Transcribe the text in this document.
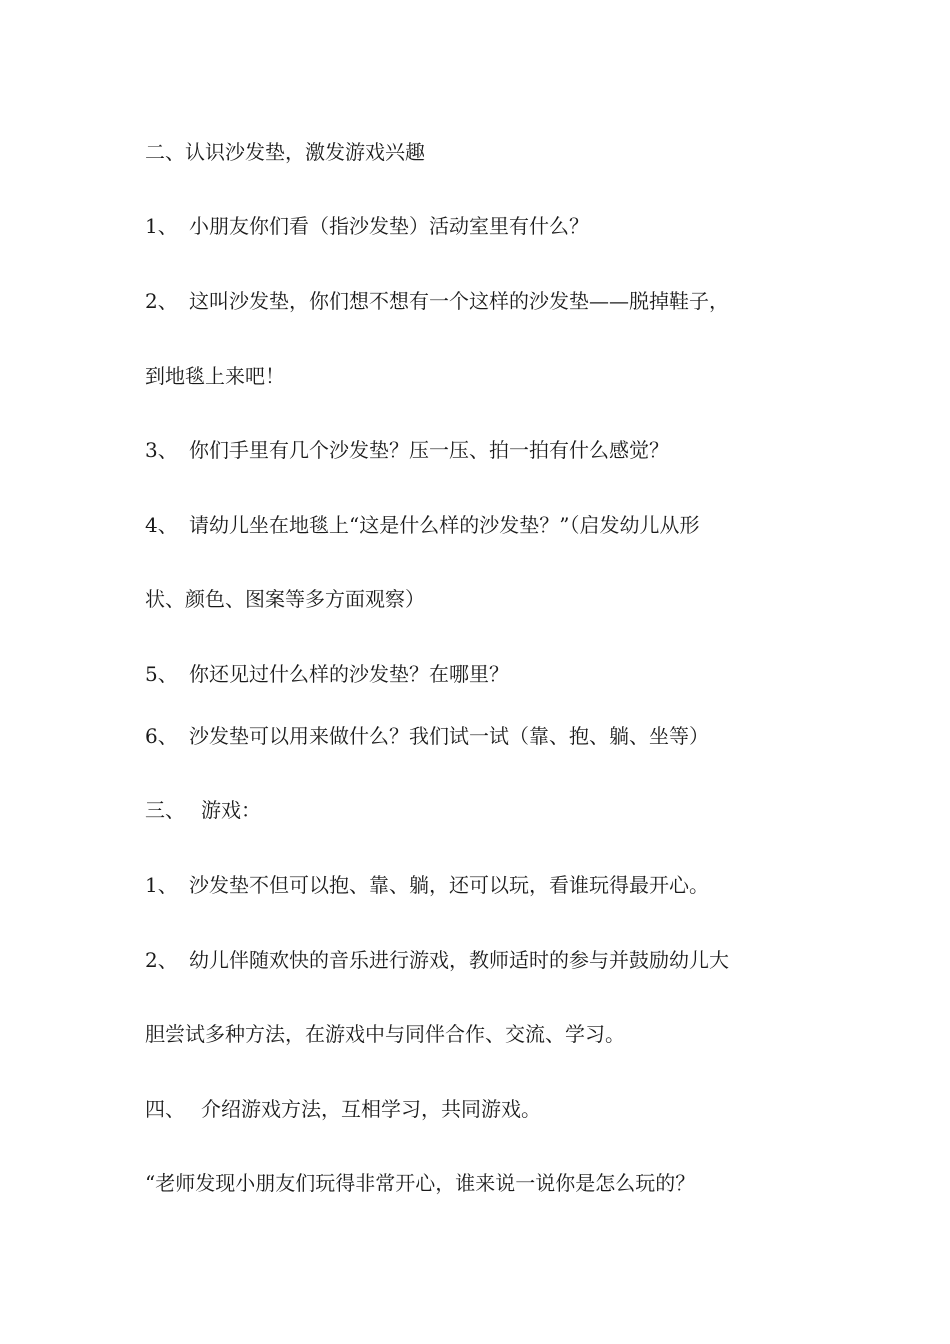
二、认识沙发垫，激发游戏兴趣
1、 小朋友你们看（指沙发垫）活动室里有什么？
2、 这叫沙发垫，你们想不想有一个这样的沙发垫——脱掉鞋子，
到地毯上来吧！
3、 你们手里有几个沙发垫？压一压、拍一拍有什么感觉？
4、 请幼儿坐在地毯上“这是什么样的沙发垫？”（启发幼儿从形
状、颜色、图案等多方面观察）
5、 你还见过什么样的沙发垫？在哪里？
6、 沙发垫可以用来做什么？我们试一试（靠、抱、躺、坐等）
三、 游戏：
1、 沙发垫不但可以抱、靠、躺，还可以玩，看谁玩得最开心。
2、 幼儿伴随欢快的音乐进行游戏，教师适时的参与并鼓励幼儿大
胆尝试多种方法，在游戏中与同伴合作、交流、学习。
四、 介绍游戏方法，互相学习，共同游戏。
“老师发现小朋友们玩得非常开心，谁来说一说你是怎么玩的？
